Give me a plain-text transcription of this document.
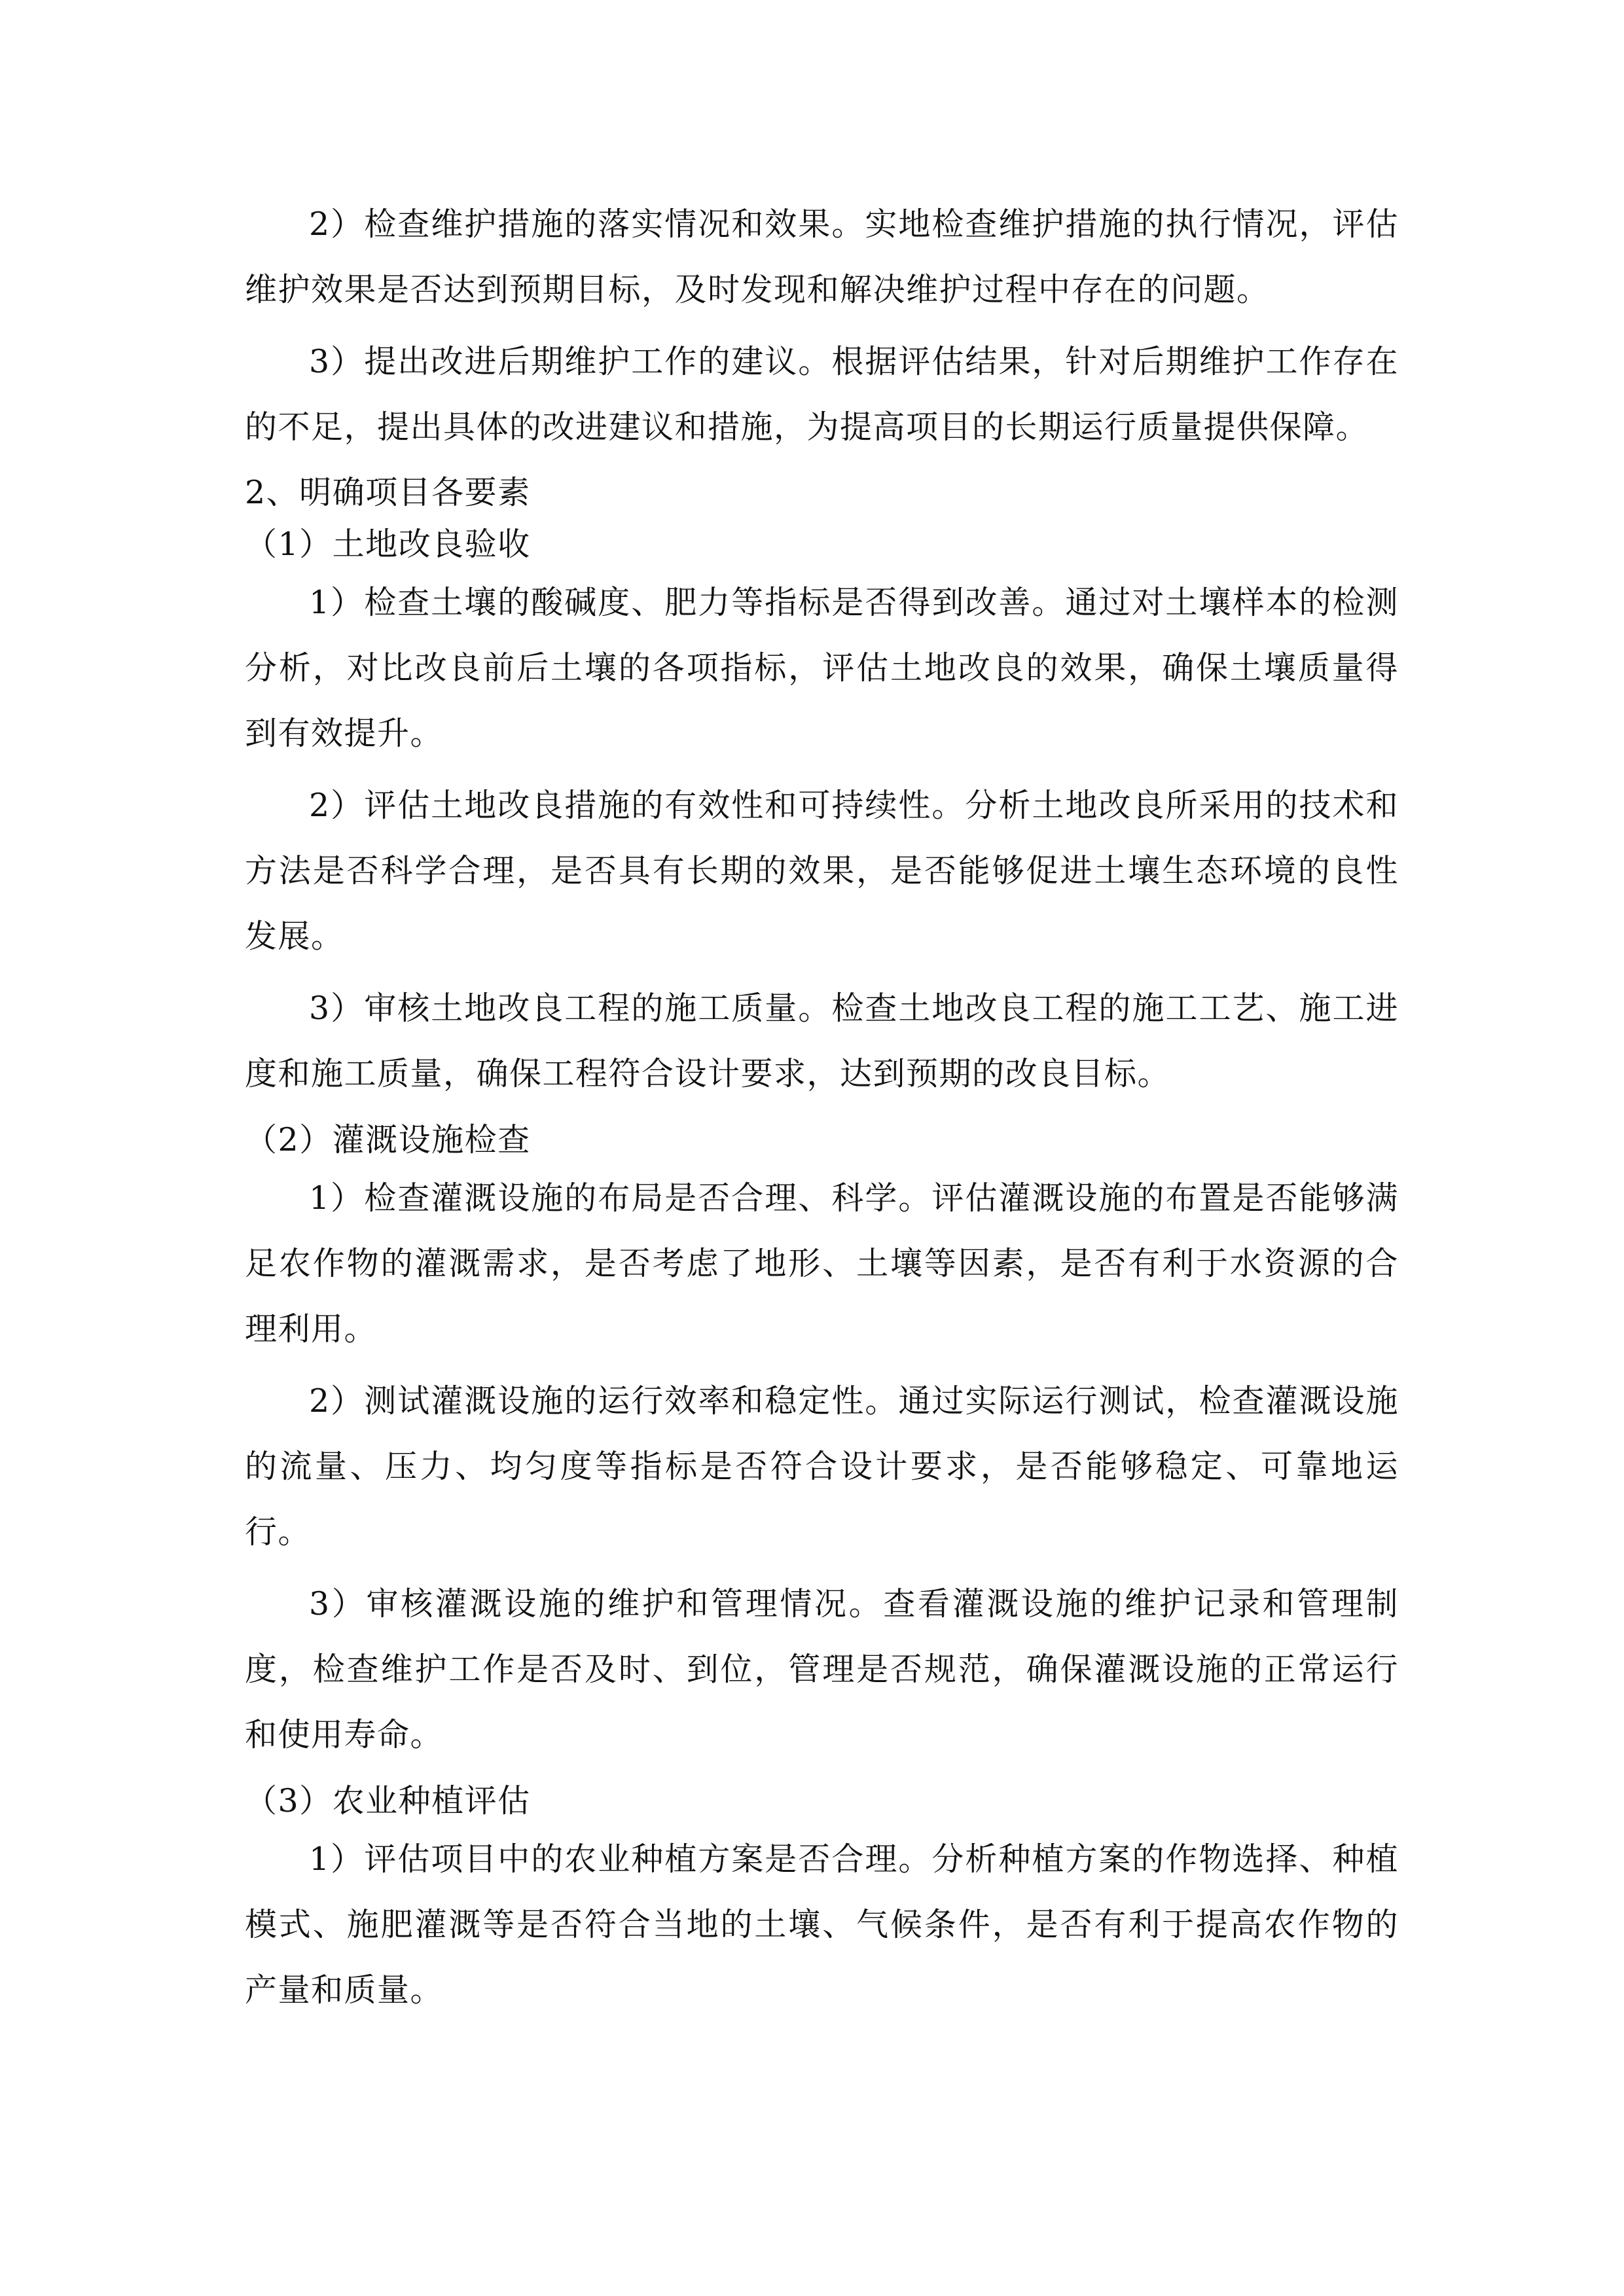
2）检查维护措施的落实情况和效果。实地检查维护措施的执行情况，评估维护效果是否达到预期目标，及时发现和解决维护过程中存在的问题。

3）提出改进后期维护工作的建议。根据评估结果，针对后期维护工作存在的不足，提出具体的改进建议和措施，为提高项目的长期运行质量提供保障。

2、明确项目各要素

（1）土地改良验收

1）检查土壤的酸碱度、肥力等指标是否得到改善。通过对土壤样本的检测分析，对比改良前后土壤的各项指标，评估土地改良的效果，确保土壤质量得到有效提升。

2）评估土地改良措施的有效性和可持续性。分析土地改良所采用的技术和方法是否科学合理，是否具有长期的效果，是否能够促进土壤生态环境的良性发展。

3）审核土地改良工程的施工质量。检查土地改良工程的施工工艺、施工进度和施工质量，确保工程符合设计要求，达到预期的改良目标。

（2）灌溉设施检查

1）检查灌溉设施的布局是否合理、科学。评估灌溉设施的布置是否能够满足农作物的灌溉需求，是否考虑了地形、土壤等因素，是否有利于水资源的合理利用。

2）测试灌溉设施的运行效率和稳定性。通过实际运行测试，检查灌溉设施的流量、压力、均匀度等指标是否符合设计要求，是否能够稳定、可靠地运行。

3）审核灌溉设施的维护和管理情况。查看灌溉设施的维护记录和管理制度，检查维护工作是否及时、到位，管理是否规范，确保灌溉设施的正常运行和使用寿命。

（3）农业种植评估

1）评估项目中的农业种植方案是否合理。分析种植方案的作物选择、种植模式、施肥灌溉等是否符合当地的土壤、气候条件，是否有利于提高农作物的产量和质量。
